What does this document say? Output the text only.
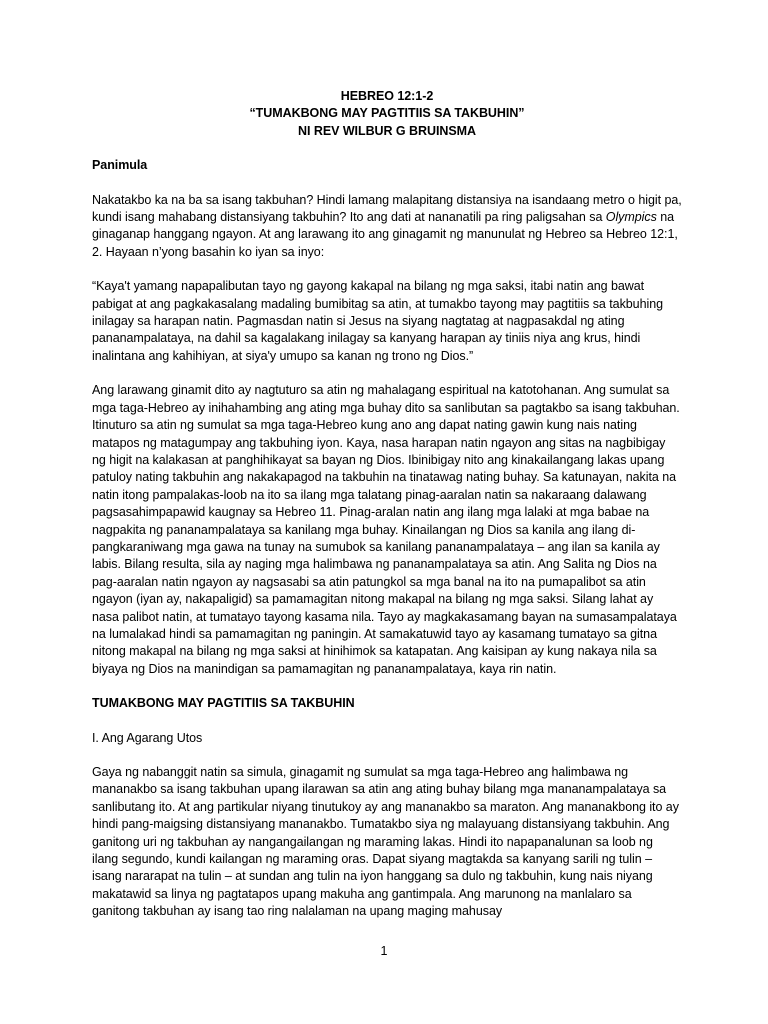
HEBREO 12:1-2
“TUMAKBONG MAY PAGTITIIS SA TAKBUHIN”
NI REV WILBUR G BRUINSMA
Panimula

Nakatakbo ka na ba sa isang takbuhan? Hindi lamang malapitang distansiya na isandaang metro o higit pa, kundi isang mahabang distansiyang takbuhin? Ito ang dati at nananatili pa ring paligsahan sa Olympics na ginaganap hanggang ngayon. At ang larawang ito ang ginagamit ng manunulat ng Hebreo sa Hebreo 12:1, 2. Hayaan n’yong basahin ko iyan sa inyo:

“Kaya't yamang napapalibutan tayo ng gayong kakapal na bilang ng mga saksi, itabi natin ang bawat pabigat at ang pagkakasalang madaling bumibitag sa atin, at tumakbo tayong may pagtitiis sa takbuhing inilagay sa harapan natin. Pagmasdan natin si Jesus na siyang nagtatag at nagpasakdal ng ating pananampalataya, na dahil sa kagalakang inilagay sa kanyang harapan ay tiniis niya ang krus, hindi inalintana ang kahihiyan, at siya'y umupo sa kanan ng trono ng Dios.”

Ang larawang ginamit dito ay nagtuturo sa atin ng mahalagang espiritual na katotohanan. Ang sumulat sa mga taga-Hebreo ay inihahambing ang ating mga buhay dito sa sanlibutan sa pagtakbo sa isang takbuhan. Itinuturo sa atin ng sumulat sa mga taga-Hebreo kung ano ang dapat nating gawin kung nais nating matapos ng matagumpay ang takbuhing iyon. Kaya, nasa harapan natin ngayon ang sitas na nagbibigay ng higit na kalakasan at panghihikayat sa bayan ng Dios. Ibinibigay nito ang kinakailangang lakas upang patuloy nating takbuhin ang nakakapagod na takbuhin na tinatawag nating buhay. Sa katunayan, nakita na natin itong pampalakas-loob na ito sa ilang mga talatang pinag-aaralan natin sa nakaraang dalawang pagsasahimpapawid kaugnay sa Hebreo 11. Pinag-aralan natin ang ilang mga lalaki at mga babae na nagpakita ng pananampalataya sa kanilang mga buhay. Kinailangan ng Dios sa kanila ang ilang di-pangkaraniwang mga gawa na tunay na sumubok sa kanilang pananampalataya – ang ilan sa kanila ay labis. Bilang resulta, sila ay naging mga halimbawa ng pananampalataya sa atin. Ang Salita ng Dios na pag-aaralan natin ngayon ay nagsasabi sa atin patungkol sa mga banal na ito na pumapalibot sa atin ngayon (iyan ay, nakapaligid) sa pamamagitan nitong makapal na bilang ng mga saksi. Silang lahat ay nasa palibot natin, at tumatayo tayong kasama nila. Tayo ay magkakasamang bayan na sumasampalataya na lumalakad hindi sa pamamagitan ng paningin. At samakatuwid tayo ay kasamang tumatayo sa gitna nitong makapal na bilang ng mga saksi at hinihimok sa katapatan. Ang kaisipan ay kung nakaya nila sa biyaya ng Dios na manindigan sa pamamagitan ng pananampalataya, kaya rin natin.

TUMAKBONG MAY PAGTITIIS SA TAKBUHIN
I. Ang Agarang Utos

Gaya ng nabanggit natin sa simula, ginagamit ng sumulat sa mga taga-Hebreo ang halimbawa ng mananakbo sa isang takbuhan upang ilarawan sa atin ang ating buhay bilang mga mananampalataya sa sanlibutang ito. At ang partikular niyang tinutukoy ay ang mananakbo sa maraton. Ang mananakbong ito ay hindi pang-maigsing distansiyang mananakbo. Tumatakbo siya ng malayuang distansiyang takbuhin. Ang ganitong uri ng takbuhan ay nangangailangan ng maraming lakas. Hindi ito napapanalunan sa loob ng ilang segundo, kundi kailangan ng maraming oras. Dapat siyang magtakda sa kanyang sarili ng tulin – isang nararapat na tulin – at sundan ang tulin na iyon hanggang sa dulo ng takbuhin, kung nais niyang makatawid sa linya ng pagtatapos upang makuha ang gantimpala. Ang marunong na manlalaro sa ganitong takbuhan ay isang tao ring nalalaman na upang maging mahusay

1
